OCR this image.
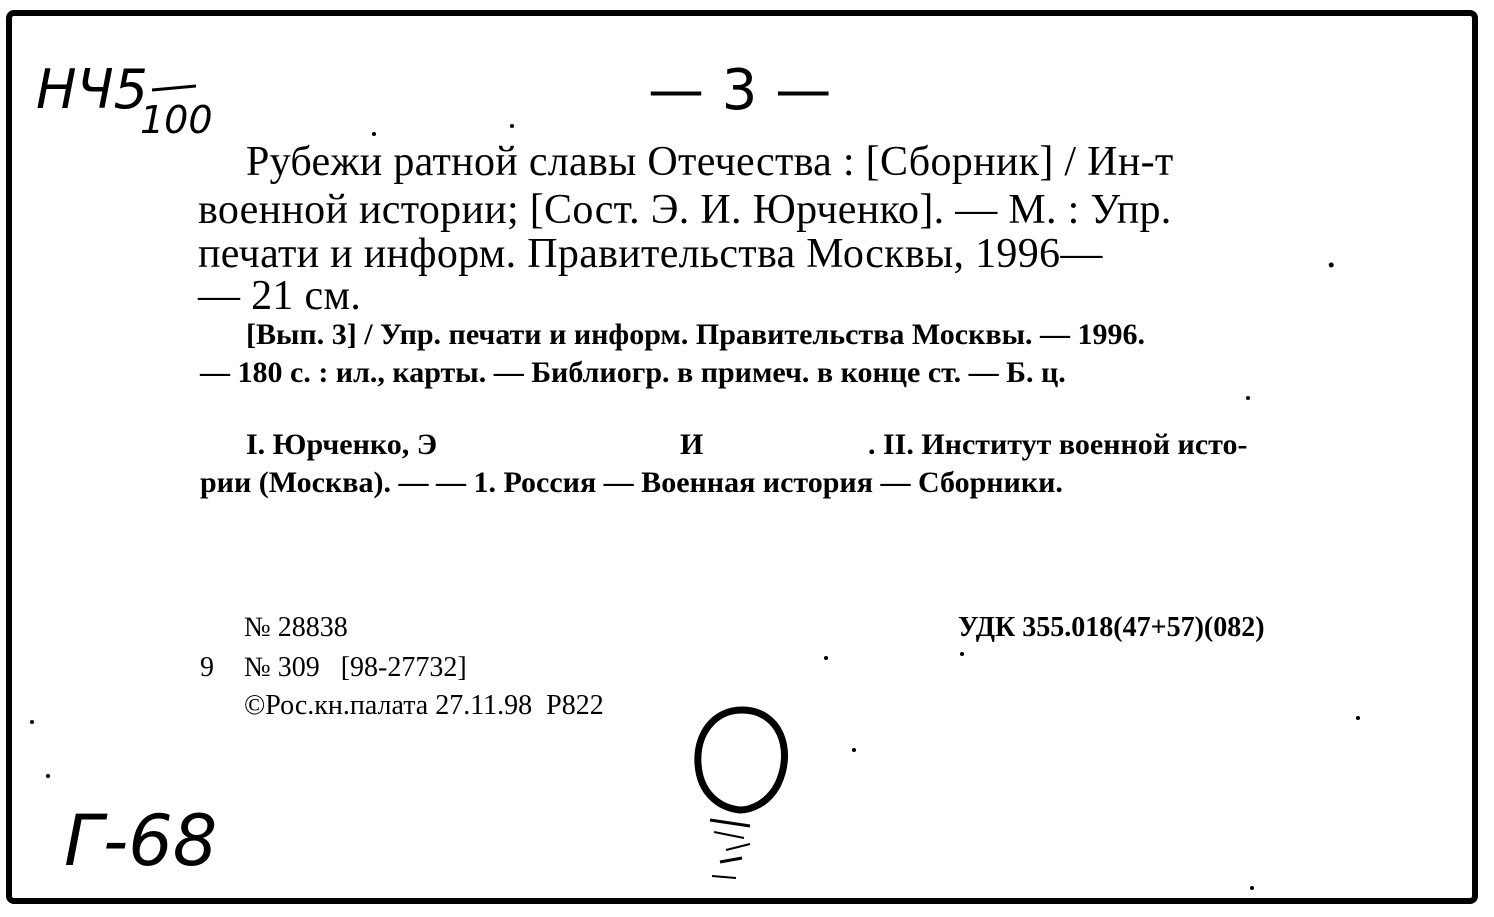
НЧ5
100	— 3 —
Рубежи ратной славы Отечества : [Сборник] / Ин-т
военной истории; [Сост. Э. И. Юрченко]. — М. : Упр.
печати и информ. Правительства Москвы, 1996—	.
— 21 см.
[Вып. 3] / Упр. печати и информ. Правительства Москвы. — 1996.
— 180 с. : ил., карты. — Библиогр. в примеч. в конце ст. — Б. ц.
I. Юрченко, Э	И	. II. Институт военной исто-
рии (Москва). — — 1. Россия — Военная история — Сборники.
№ 28838	УДК 355.018(47+57)(082)
9 № 309   [98-27732]
©Рос.кн.палата 27.11.98  Р822
Г-68
